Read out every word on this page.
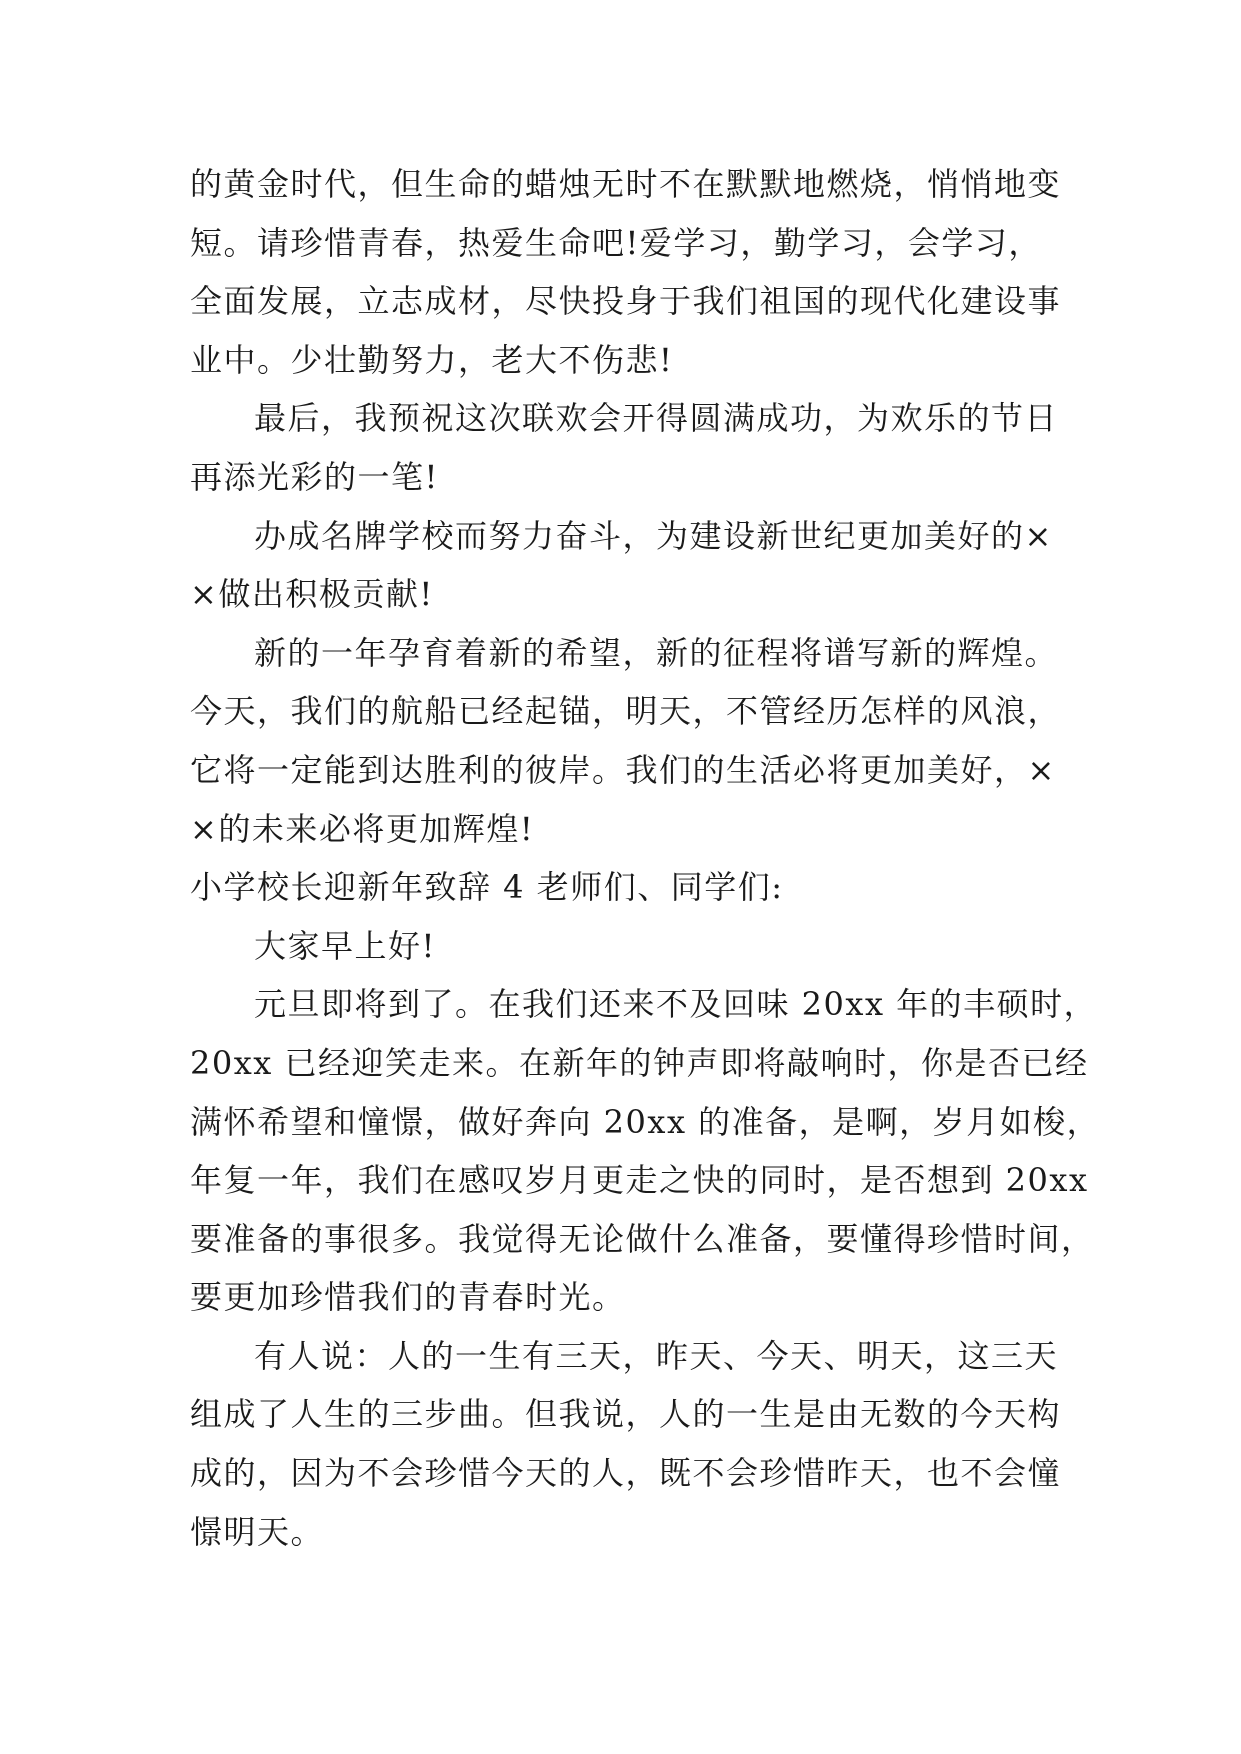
的黄金时代，但生命的蜡烛无时不在默默地燃烧，悄悄地变
短。请珍惜青春，热爱生命吧!爱学习，勤学习，会学习，
全面发展，立志成材，尽快投身于我们祖国的现代化建设事
业中。少壮勤努力，老大不伤悲!
最后，我预祝这次联欢会开得圆满成功，为欢乐的节日
再添光彩的一笔!
办成名牌学校而努力奋斗，为建设新世纪更加美好的×
×做出积极贡献!
新的一年孕育着新的希望，新的征程将谱写新的辉煌。
今天，我们的航船已经起锚，明天，不管经历怎样的风浪，
它将一定能到达胜利的彼岸。我们的生活必将更加美好，×
×的未来必将更加辉煌!
小学校长迎新年致辞 4 老师们、同学们:
大家早上好!
元旦即将到了。在我们还来不及回味 20xx 年的丰硕时，
20xx 已经迎笑走来。在新年的钟声即将敲响时，你是否已经
满怀希望和憧憬，做好奔向 20xx 的准备，是啊，岁月如梭，
年复一年，我们在感叹岁月更走之快的同时，是否想到 20xx
要准备的事很多。我觉得无论做什么准备，要懂得珍惜时间，
要更加珍惜我们的青春时光。
有人说：人的一生有三天，昨天、今天、明天，这三天
组成了人生的三步曲。但我说，人的一生是由无数的今天构
成的，因为不会珍惜今天的人，既不会珍惜昨天，也不会憧
憬明天。
